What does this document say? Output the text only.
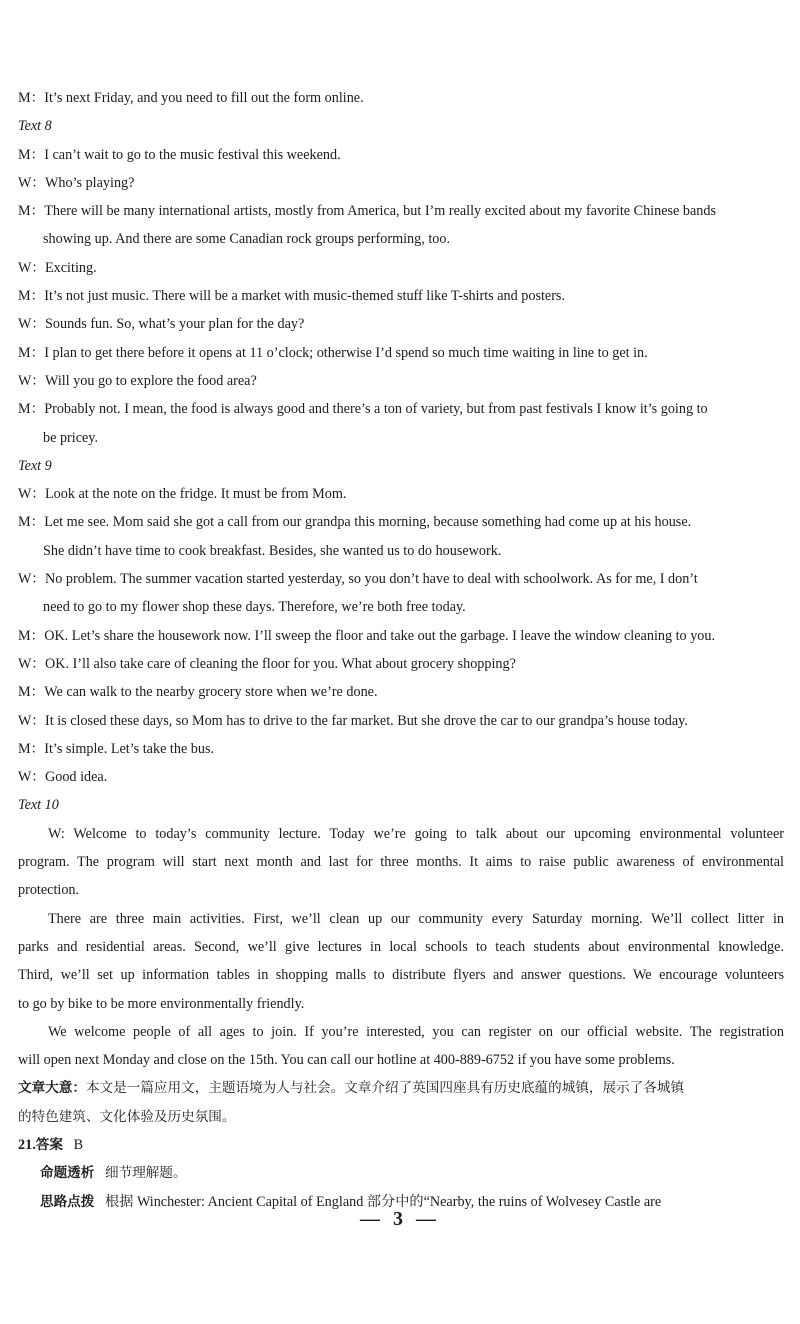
M：It’s next Friday, and you need to fill out the form online.
Text 8
M：I can’t wait to go to the music festival this weekend.
W：Who’s playing?
M：There will be many international artists, mostly from America, but I’m really excited about my favorite Chinese bands
showing up. And there are some Canadian rock groups performing, too.
W：Exciting.
M：It’s not just music. There will be a market with music-themed stuff like T-shirts and posters.
W：Sounds fun. So, what’s your plan for the day?
M：I plan to get there before it opens at 11 o’clock; otherwise I’d spend so much time waiting in line to get in.
W：Will you go to explore the food area?
M：Probably not. I mean, the food is always good and there’s a ton of variety, but from past festivals I know it’s going to
be pricey.
Text 9
W：Look at the note on the fridge. It must be from Mom.
M：Let me see. Mom said she got a call from our grandpa this morning, because something had come up at his house.
She didn’t have time to cook breakfast. Besides, she wanted us to do housework.
W：No problem. The summer vacation started yesterday, so you don’t have to deal with schoolwork. As for me, I don’t
need to go to my flower shop these days. Therefore, we’re both free today.
M：OK. Let’s share the housework now. I’ll sweep the floor and take out the garbage. I leave the window cleaning to you.
W：OK. I’ll also take care of cleaning the floor for you. What about grocery shopping?
M：We can walk to the nearby grocery store when we’re done.
W：It is closed these days, so Mom has to drive to the far market. But she drove the car to our grandpa’s house today.
M：It’s simple. Let’s take the bus.
W：Good idea.
Text 10
W: Welcome to today’s community lecture. Today we’re going to talk about our upcoming environmental volunteer
program. The program will start next month and last for three months. It aims to raise public awareness of environmental
protection.
There are three main activities. First, we’ll clean up our community every Saturday morning. We’ll collect litter in
parks and residential areas. Second, we’ll give lectures in local schools to teach students about environmental knowledge.
Third, we’ll set up information tables in shopping malls to distribute flyers and answer questions. We encourage volunteers
to go by bike to be more environmentally friendly.
We welcome people of all ages to join. If you’re interested, you can register on our official website. The registration
will open next Monday and close on the 15th. You can call our hotline at 400-889-6752 if you have some problems.
文章大意：本文是一篇应用文，主题语境为人与社会。文章介绍了英国四座具有历史底蕴的城镇，展示了各城镇
的特色建筑、文化体验及历史氛围。
21.答案 B
命题透析 细节理解题。
思路点拨 根据 Winchester: Ancient Capital of England 部分中的“Nearby, the ruins of Wolvesey Castle are
— 3 —
